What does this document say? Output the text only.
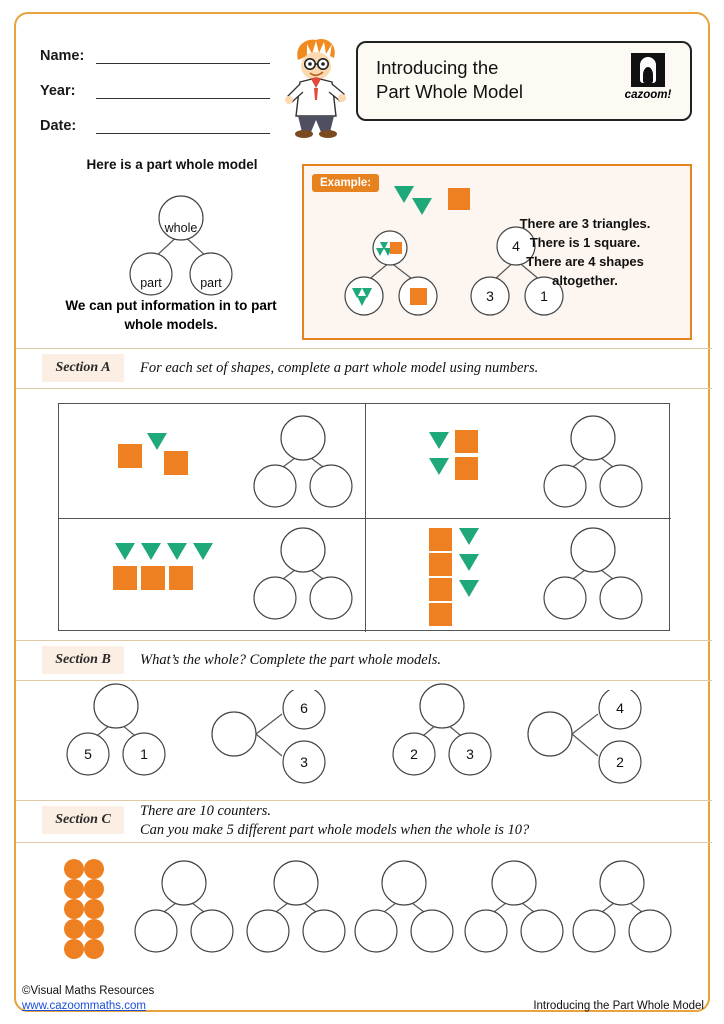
Name:
Year:
Date:
Introducing the
Part Whole Model	cazoom!
Here is a part whole model
whole
part	part
We can put information in to part
whole models.
Example:
4
3	1
There are 3 triangles.
There is 1 square.
There are 4 shapes
altogether.
Section A	For each set of shapes, complete a part whole model using numbers.
Section B	What’s the whole? Complete the part whole models.
5	1
6
3	2	3
4
2
Section C
There are 10 counters.
Can you make 5 different part whole models when the whole is 10?
©Visual Maths Resources
www.cazoommaths.com	Introducing the Part Whole Model
